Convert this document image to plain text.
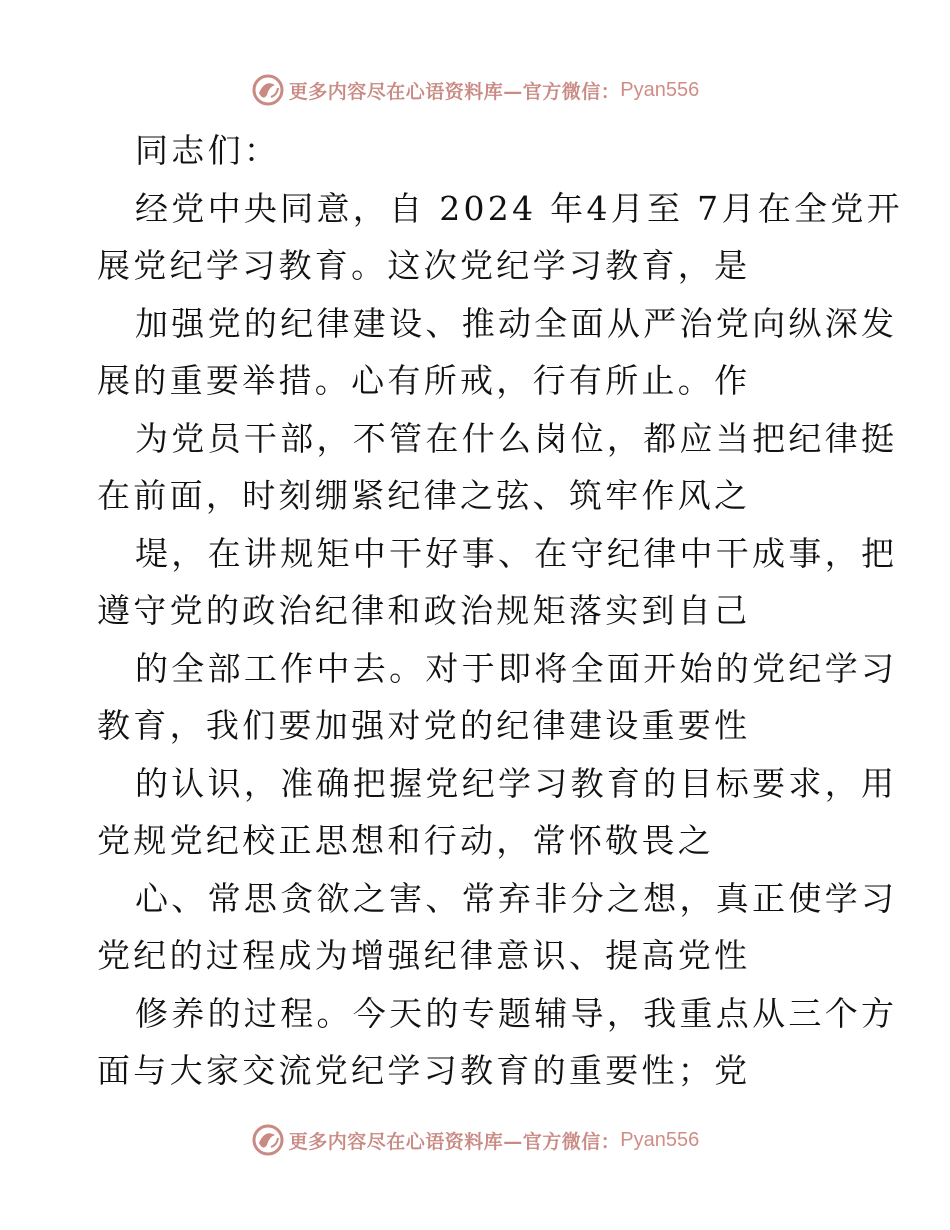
更多内容尽在心语资料库—官方微信： Pyan556
同志们：
经党中央同意，自 2024 年4月至 7月在全党开
展党纪学习教育。这次党纪学习教育，是
加强党的纪律建设、推动全面从严治党向纵深发
展的重要举措。心有所戒，行有所止。作
为党员干部，不管在什么岗位，都应当把纪律挺
在前面，时刻绷紧纪律之弦、筑牢作风之
堤，在讲规矩中干好事、在守纪律中干成事，把
遵守党的政治纪律和政治规矩落实到自己
的全部工作中去。对于即将全面开始的党纪学习
教育，我们要加强对党的纪律建设重要性
的认识，准确把握党纪学习教育的目标要求，用
党规党纪校正思想和行动，常怀敬畏之
心、常思贪欲之害、常弃非分之想，真正使学习
党纪的过程成为增强纪律意识、提高党性
修养的过程。今天的专题辅导，我重点从三个方
面与大家交流党纪学习教育的重要性；党
更多内容尽在心语资料库—官方微信： Pyan556
